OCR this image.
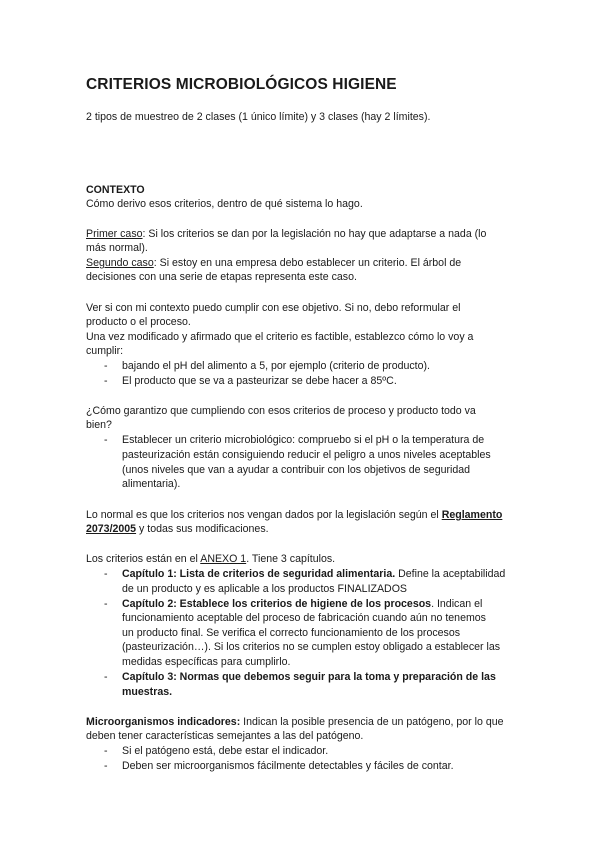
CRITERIOS MICROBIOLÓGICOS HIGIENE
2 tipos de muestreo de 2 clases (1 único límite) y 3 clases (hay 2 límites).
CONTEXTO
Cómo derivo esos criterios, dentro de qué sistema lo hago.
Primer caso: Si los criterios se dan por la legislación no hay que adaptarse a nada (lo
más normal).
Segundo caso: Si estoy en una empresa debo establecer un criterio. El árbol de
decisiones con una serie de etapas representa este caso.
Ver si con mi contexto puedo cumplir con ese objetivo. Si no, debo reformular el
producto o el proceso.
Una vez modificado y afirmado que el criterio es factible, establezco cómo lo voy a
cumplir:
- bajando el pH del alimento a 5, por ejemplo (criterio de producto).
- El producto que se va a pasteurizar se debe hacer a 85ºC.
¿Cómo garantizo que cumpliendo con esos criterios de proceso y producto todo va
bien?
- Establecer un criterio microbiológico: compruebo si el pH o la temperatura de
pasteurización están consiguiendo reducir el peligro a unos niveles aceptables
(unos niveles que van a ayudar a contribuir con los objetivos de seguridad
alimentaria).
Lo normal es que los criterios nos vengan dados por la legislación según el Reglamento
2073/2005 y todas sus modificaciones.
Los criterios están en el ANEXO 1. Tiene 3 capítulos.
- Capítulo 1: Lista de criterios de seguridad alimentaria. Define la aceptabilidad
de un producto y es aplicable a los productos FINALIZADOS
- Capítulo 2: Establece los criterios de higiene de los procesos. Indican el
funcionamiento aceptable del proceso de fabricación cuando aún no tenemos
un producto final. Se verifica el correcto funcionamiento de los procesos
(pasteurización…). Si los criterios no se cumplen estoy obligado a establecer las
medidas específicas para cumplirlo.
- Capítulo 3: Normas que debemos seguir para la toma y preparación de las
muestras.
Microorganismos indicadores: Indican la posible presencia de un patógeno, por lo que
deben tener características semejantes a las del patógeno.
- Si el patógeno está, debe estar el indicador.
- Deben ser microorganismos fácilmente detectables y fáciles de contar.
